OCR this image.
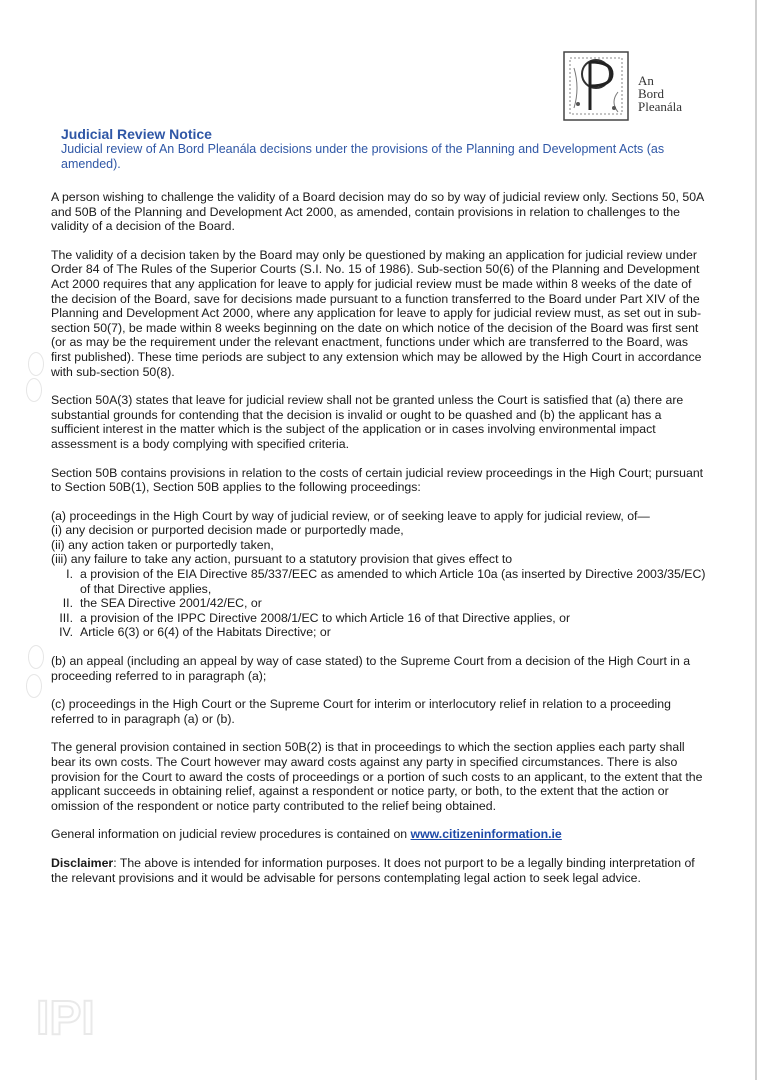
An
Bord
Pleanála
Judicial Review Notice
Judicial review of An Bord Pleanála decisions under the provisions of the Planning and Development Acts (as amended).

A person wishing to challenge the validity of a Board decision may do so by way of judicial review only. Sections 50, 50A and 50B of the Planning and Development Act 2000, as amended, contain provisions in relation to challenges to the validity of a decision of the Board.

The validity of a decision taken by the Board may only be questioned by making an application for judicial review under Order 84 of The Rules of the Superior Courts (S.I. No. 15 of 1986). Sub-section 50(6) of the Planning and Development Act 2000 requires that any application for leave to apply for judicial review must be made within 8 weeks of the date of the decision of the Board, save for decisions made pursuant to a function transferred to the Board under Part XIV of the Planning and Development Act 2000, where any application for leave to apply for judicial review must, as set out in sub-section 50(7), be made within 8 weeks beginning on the date on which notice of the decision of the Board was first sent (or as may be the requirement under the relevant enactment, functions under which are transferred to the Board, was first published). These time periods are subject to any extension which may be allowed by the High Court in accordance with sub-section 50(8).

Section 50A(3) states that leave for judicial review shall not be granted unless the Court is satisfied that (a) there are substantial grounds for contending that the decision is invalid or ought to be quashed and (b) the applicant has a sufficient interest in the matter which is the subject of the application or in cases involving environmental impact assessment is a body complying with specified criteria.

Section 50B contains provisions in relation to the costs of certain judicial review proceedings in the High Court; pursuant to Section 50B(1), Section 50B applies to the following proceedings:

(a) proceedings in the High Court by way of judicial review, or of seeking leave to apply for judicial review, of—
(i) any decision or purported decision made or purportedly made,
(ii) any action taken or purportedly taken,
(iii) any failure to take any action, pursuant to a statutory provision that gives effect to
I. a provision of the EIA Directive 85/337/EEC as amended to which Article 10a (as inserted by Directive 2003/35/EC) of that Directive applies,
II. the SEA Directive 2001/42/EC, or
III. a provision of the IPPC Directive 2008/1/EC to which Article 16 of that Directive applies, or
IV. Article 6(3) or 6(4) of the Habitats Directive; or

(b) an appeal (including an appeal by way of case stated) to the Supreme Court from a decision of the High Court in a proceeding referred to in paragraph (a);

(c) proceedings in the High Court or the Supreme Court for interim or interlocutory relief in relation to a proceeding referred to in paragraph (a) or (b).

The general provision contained in section 50B(2) is that in proceedings to which the section applies each party shall bear its own costs. The Court however may award costs against any party in specified circumstances. There is also provision for the Court to award the costs of proceedings or a portion of such costs to an applicant, to the extent that the applicant succeeds in obtaining relief, against a respondent or notice party, or both, to the extent that the action or omission of the respondent or notice party contributed to the relief being obtained.

General information on judicial review procedures is contained on www.citizeninformation.ie

Disclaimer: The above is intended for information purposes. It does not purport to be a legally binding interpretation of the relevant provisions and it would be advisable for persons contemplating legal action to seek legal advice.

IPI
